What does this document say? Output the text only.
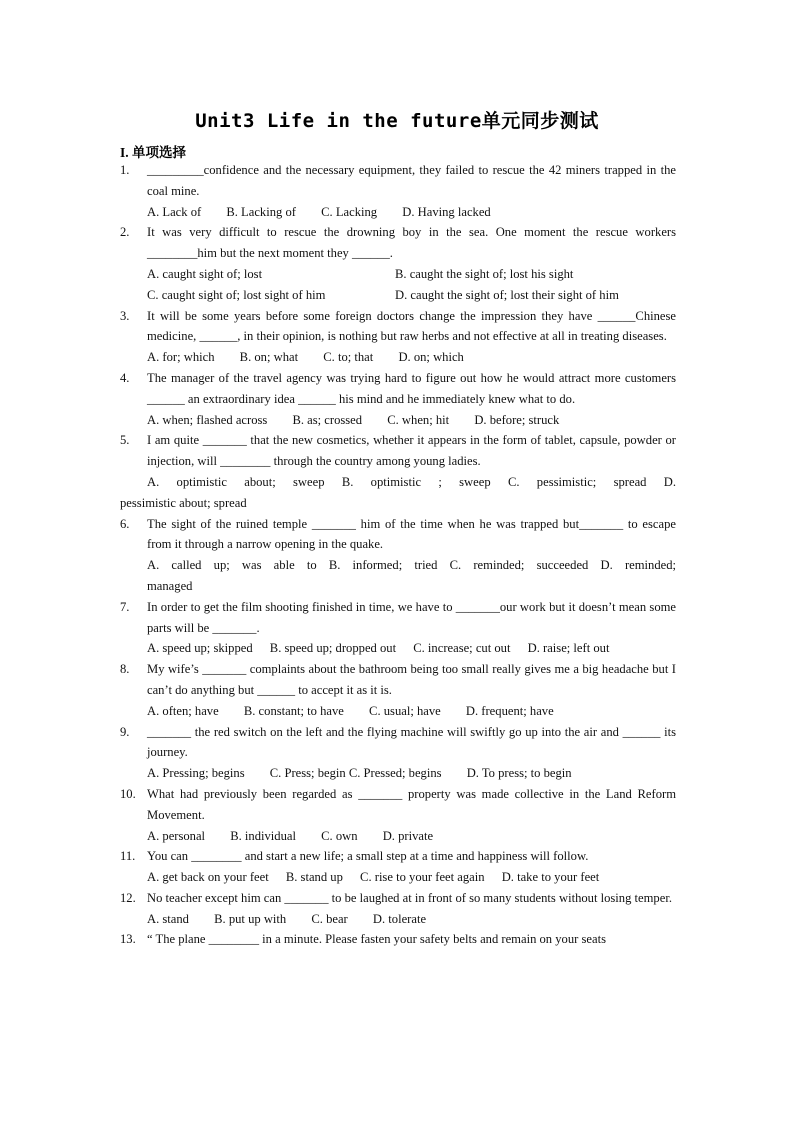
Unit3 Life in the future单元同步测试
I. 单项选择
1. _________confidence and the necessary equipment, they failed to rescue the 42 miners trapped in the coal mine.
A. Lack of B. Lacking of C. Lacking D. Having lacked
2. It was very difficult to rescue the drowning boy in the sea. One moment the rescue workers ________him but the next moment they ______.
A. caught sight of; lost	B. caught the sight of; lost his sight
C. caught sight of; lost sight of him	D. caught the sight of; lost their sight of him
3. It will be some years before some foreign doctors change the impression they have ______Chinese medicine, ______, in their opinion, is nothing but raw herbs and not effective at all in treating diseases.
A. for; which B. on; what C. to; that D. on; which
4. The manager of the travel agency was trying hard to figure out how he would attract more customers ______ an extraordinary idea ______ his mind and he immediately knew what to do.
A. when; flashed across B. as; crossed C. when; hit D. before; struck
5. I am quite _______ that the new cosmetics, whether it appears in the form of tablet, capsule, powder or injection, will ________ through the country among young ladies.
A. optimistic about; sweep B. optimistic ; sweep C. pessimistic; spread D.
pessimistic about; spread
6. The sight of the ruined temple _______ him of the time when he was trapped but_______ to escape from it through a narrow opening in the quake.
A. called up; was able to B. informed; tried C. reminded; succeeded D. reminded;
managed
7. In order to get the film shooting finished in time, we have to _______our work but it doesn’t mean some parts will be _______.
A. speed up; skipped B. speed up; dropped out C. increase; cut out D. raise; left out
8. My wife’s _______ complaints about the bathroom being too small really gives me a big headache but I can’t do anything but ______ to accept it as it is.
A. often; have B. constant; to have C. usual; have D. frequent; have
9. _______ the red switch on the left and the flying machine will swiftly go up into the air and ______ its journey.
A. Pressing; begins C. Press; begin C. Pressed; begins D. To press; to begin
10. What had previously been regarded as _______ property was made collective in the Land Reform Movement.
A. personal B. individual C. own D. private
11. You can ________ and start a new life; a small step at a time and happiness will follow.
A. get back on your feet B. stand up C. rise to your feet again D. take to your feet
12. No teacher except him can _______ to be laughed at in front of so many students without losing temper.
A. stand B. put up with C. bear D. tolerate
13. “ The plane ________ in a minute. Please fasten your safety belts and remain on your seats
